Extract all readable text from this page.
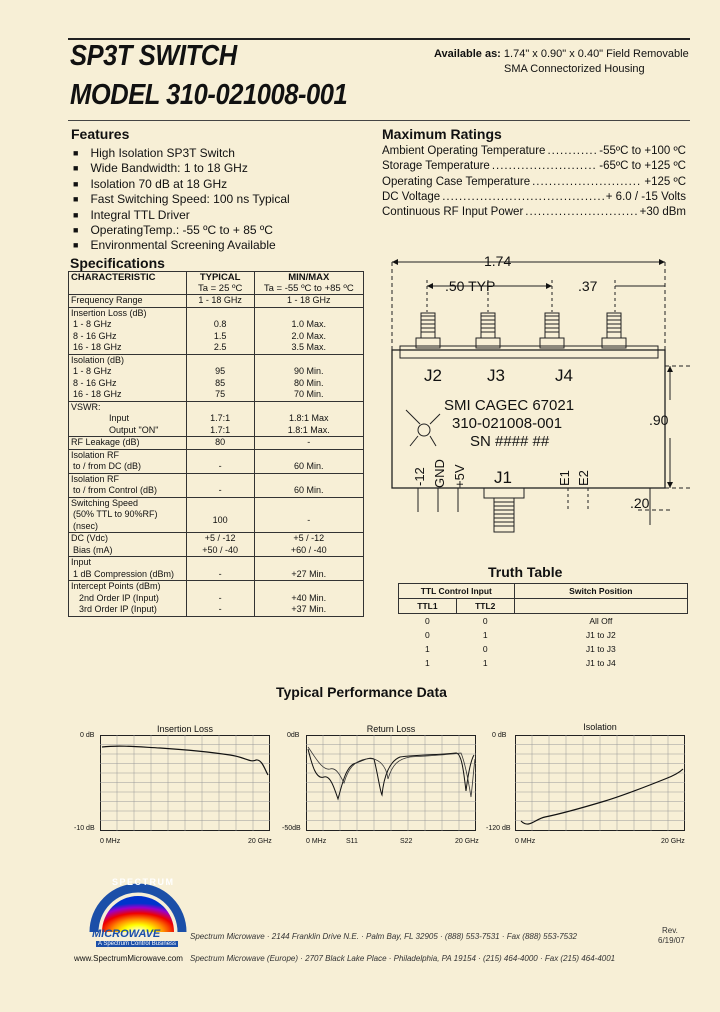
SP3T SWITCH
MODEL 310-021008-001
Available as: 1.74" x 0.90" x 0.40" Field Removable
SMA Connectorized Housing
Features
■ High Isolation SP3T Switch
■ Wide Bandwidth: 1 to 18 GHz
■ Isolation 70 dB at 18 GHz
■ Fast Switching Speed: 100 ns Typical
■ Integral TTL Driver
■ OperatingTemp.: -55 ºC to + 85 ºC
■ Environmental Screening Available
Maximum Ratings
Ambient Operating Temperature .....	-55ºC to +100 ºC
Storage Temperature .....	-65ºC to +125 ºC
Operating Case Temperature .....	+125 ºC
DC Voltage .....	+ 6.0 / -15 Volts
Continuous RF Input Power .....	+30 dBm
Specifications
CHARACTERISTIC	TYPICAL	MIN/MAX
	Ta = 25 ºC	Ta = -55 ºC to +85 ºC
Frequency Range	1 - 18 GHz	1 - 18 GHz
Insertion Loss (dB)		
1 - 8 GHz	0.8	1.0 Max.
8 - 16 GHz	1.5	2.0 Max.
16 - 18 GHz	2.5	3.5 Max.
Isolation (dB)		
1 - 8 GHz	95	90 Min.
8 - 16 GHz	85	80 Min.
16 - 18 GHz	75	70 Min.
VSWR:		
Input	1.7:1	1.8:1 Max
Output "ON"	1.7:1	1.8:1 Max.
RF Leakage (dB)	80	-
Isolation RF		
to / from DC (dB)	-	60 Min.
Isolation RF		
to / from Control (dB)	-	60 Min.
Switching Speed		
(50% TTL to 90%RF) (nsec)	100	-
DC (Vdc)	+5 / -12	+5 / -12
Bias (mA)	+50 / -40	+60 / -40
Input		
1 dB Compression (dBm)	-	+27 Min.
Intercept Points (dBm)		
2nd Order IP (Input)	-	+40 Min.
3rd Order IP (Input)	-	+37 Min.
1.74
.50 TYP	.37
.90
.20
J2	J3	J4
J1
SMI CAGEC 67021
310-021008-001
SN #### ##
-12 GND +5V	E1 E2
Truth Table
TTL Control Input		Switch Position
TTL1	TTL2	
0	0	All Off
0	1	J1 to J2
1	0	J1 to J3
1	1	J1 to J4
Typical Performance Data
Insertion Loss
0 dB
-10 dB
0 MHz	20 GHz
Return Loss
0dB
-50dB
0 MHz	S11	S22	20 GHz
Isolation
0 dB
-120 dB
0 MHz	20 GHz
SPECTRUM
MICROWAVE
A Spectrum Control Business
Spectrum Microwave · 2144 Franklin Drive N.E. · Palm Bay, FL 32905 · (888) 553-7531 · Fax (888) 553-7532
www.SpectrumMicrowave.com Spectrum Microwave (Europe) · 2707 Black Lake Place · Philadelphia, PA 19154 · (215) 464-4000 · Fax (215) 464-4001
Rev.
6/19/07
